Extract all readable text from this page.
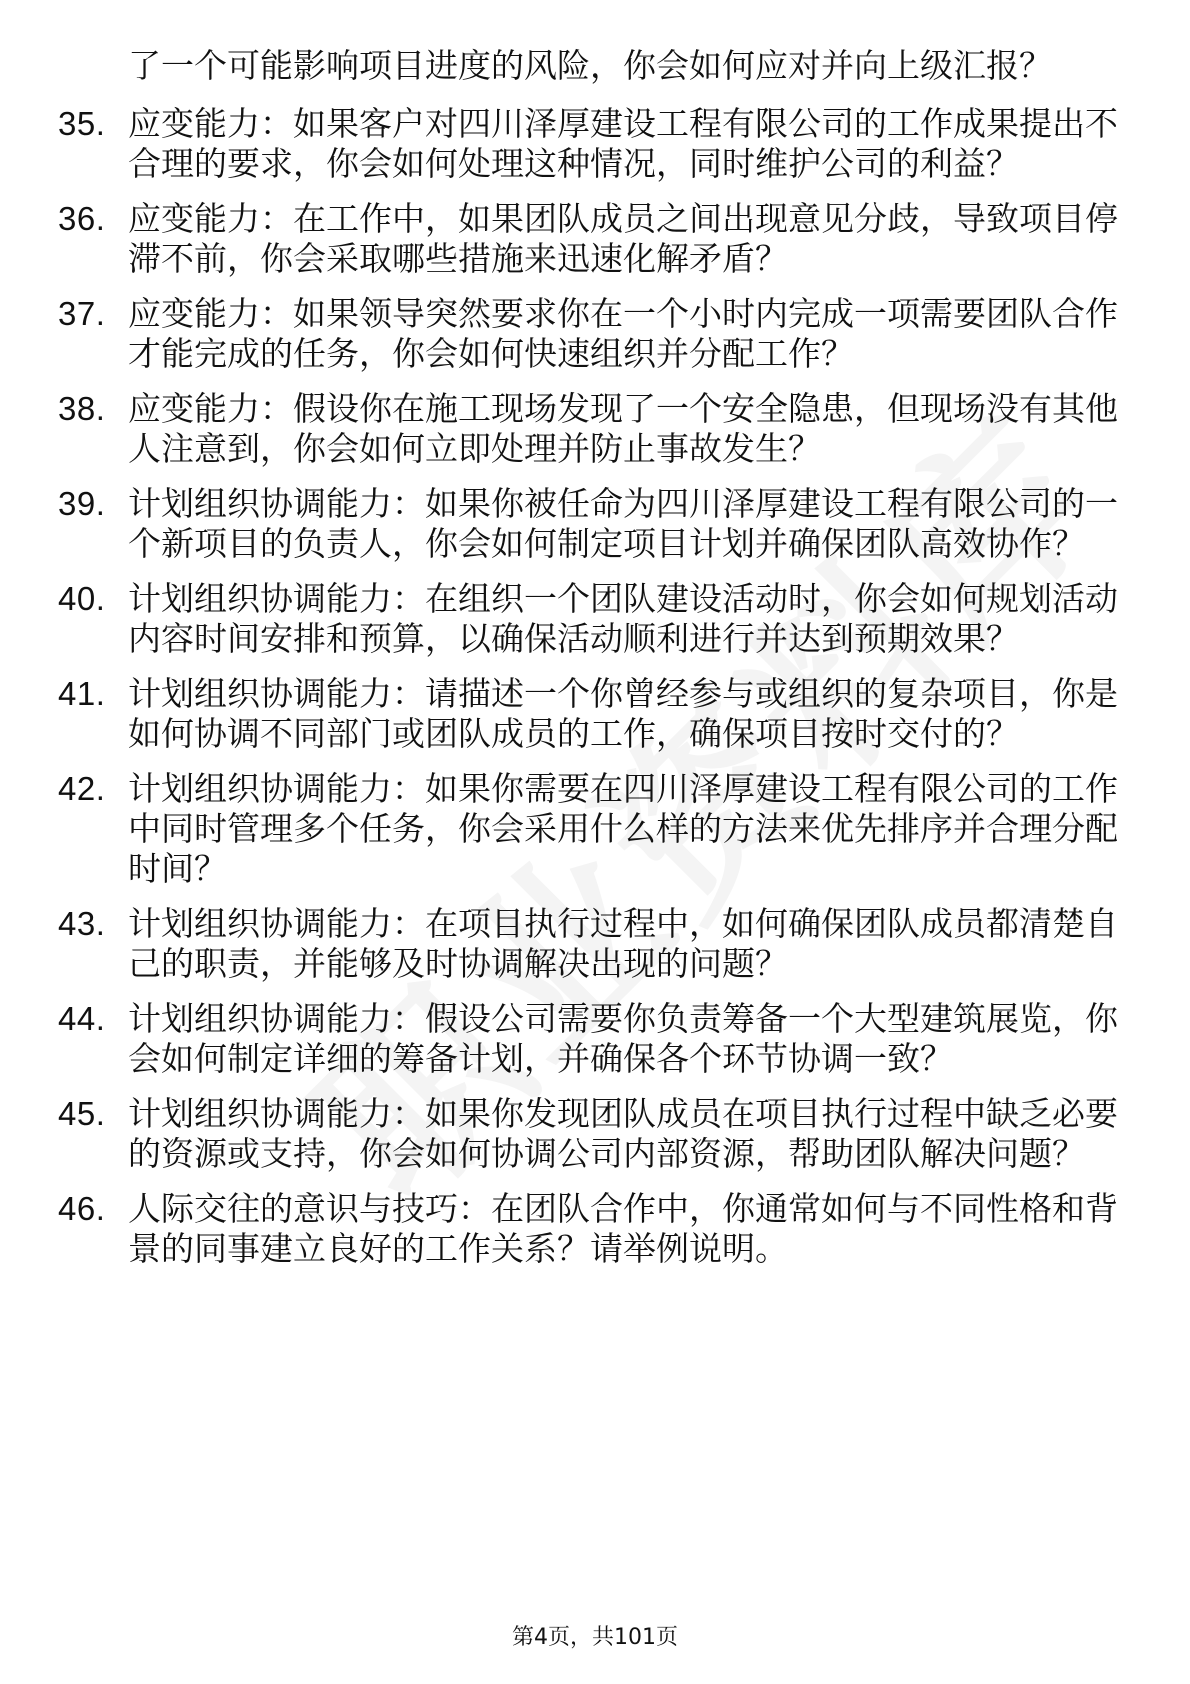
了一个可能影响项目进度的风险，你会如何应对并向上级汇报？
35. 应变能力：如果客户对四川泽厚建设工程有限公司的工作成果提出不合理的要求，你会如何处理这种情况，同时维护公司的利益？
36. 应变能力：在工作中，如果团队成员之间出现意见分歧，导致项目停滞不前，你会采取哪些措施来迅速化解矛盾？
37. 应变能力：如果领导突然要求你在一个小时内完成一项需要团队合作才能完成的任务，你会如何快速组织并分配工作？
38. 应变能力：假设你在施工现场发现了一个安全隐患，但现场没有其他人注意到，你会如何立即处理并防止事故发生？
39. 计划组织协调能力：如果你被任命为四川泽厚建设工程有限公司的一个新项目的负责人，你会如何制定项目计划并确保团队高效协作？
40. 计划组织协调能力：在组织一个团队建设活动时，你会如何规划活动内容时间安排和预算，以确保活动顺利进行并达到预期效果？
41. 计划组织协调能力：请描述一个你曾经参与或组织的复杂项目，你是如何协调不同部门或团队成员的工作，确保项目按时交付的？
42. 计划组织协调能力：如果你需要在四川泽厚建设工程有限公司的工作中同时管理多个任务，你会采用什么样的方法来优先排序并合理分配时间？
43. 计划组织协调能力：在项目执行过程中，如何确保团队成员都清楚自己的职责，并能够及时协调解决出现的问题？
44. 计划组织协调能力：假设公司需要你负责筹备一个大型建筑展览，你会如何制定详细的筹备计划，并确保各个环节协调一致？
45. 计划组织协调能力：如果你发现团队成员在项目执行过程中缺乏必要的资源或支持，你会如何协调公司内部资源，帮助团队解决问题？
46. 人际交往的意识与技巧：在团队合作中，你通常如何与不同性格和背景的同事建立良好的工作关系？请举例说明。
第4页，共101页
